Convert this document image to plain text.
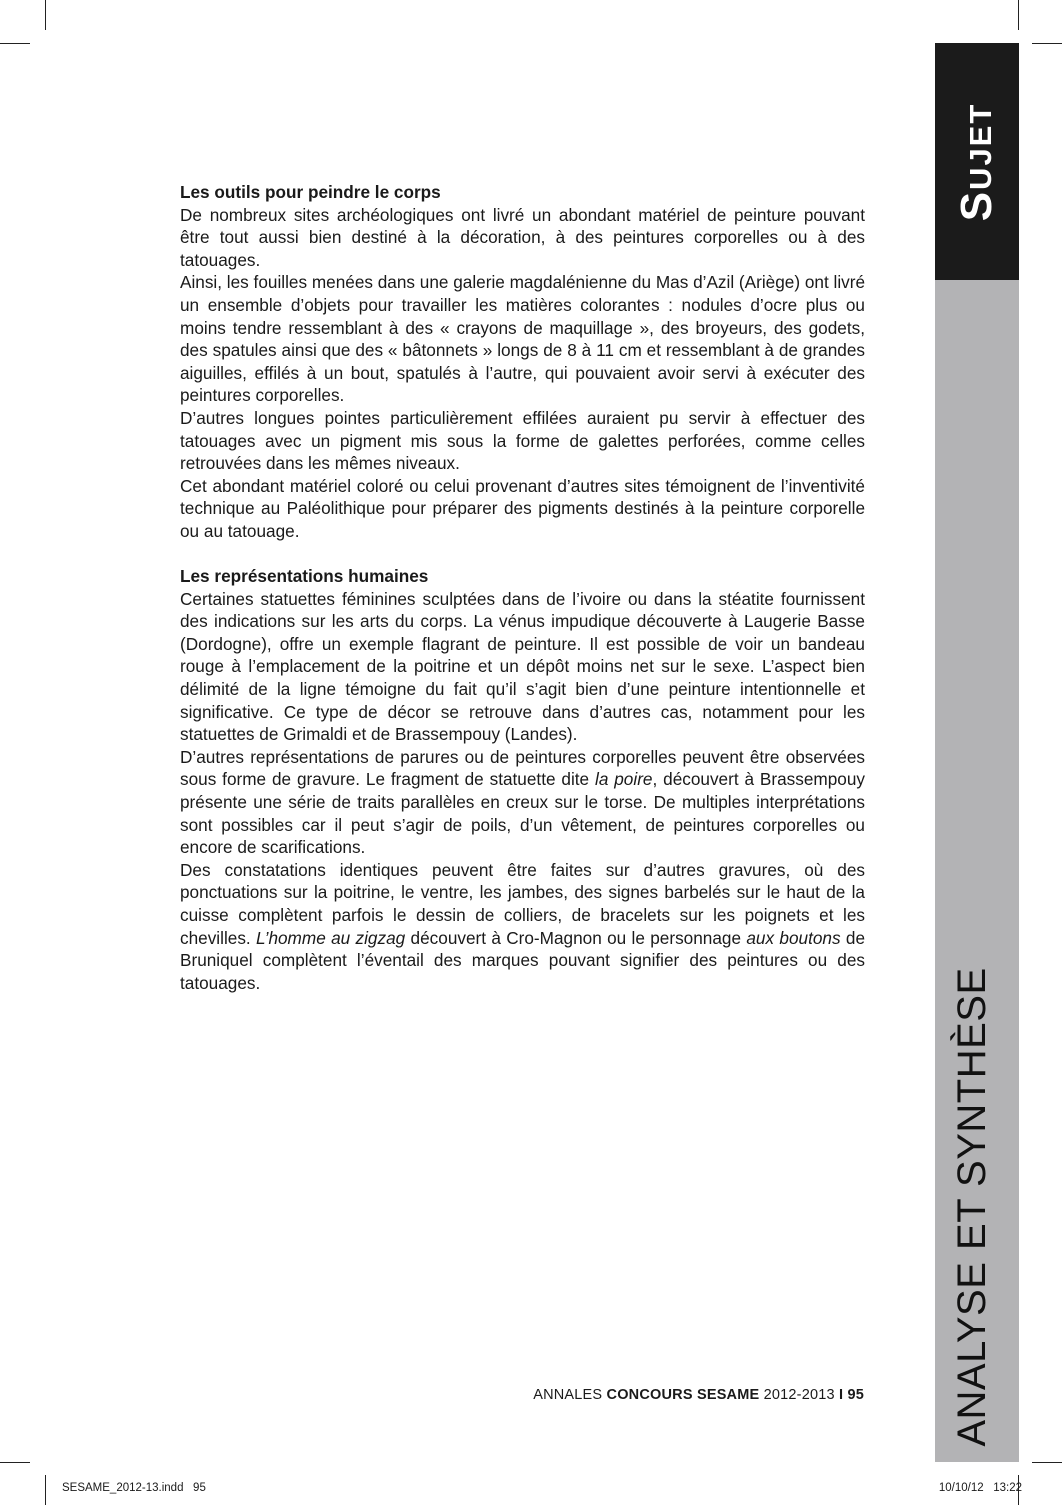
Sujet
ANALYSE ET SYNTHÈSE
Les outils pour peindre le corps

De nombreux sites archéologiques ont livré un abondant matériel de peinture pouvant être tout aussi bien destiné à la décoration, à des peintures corporelles ou à des tatouages.

Ainsi, les fouilles menées dans une galerie magdalénienne du Mas d’Azil (Ariège) ont livré un ensemble d’objets pour travailler les matières colorantes : nodules d’ocre plus ou moins tendre ressemblant à des « crayons de maquillage », des broyeurs, des godets, des spatules ainsi que des « bâtonnets » longs de 8 à 11 cm et ressemblant à de grandes aiguilles, effilés à un bout, spatulés à l’autre, qui pouvaient avoir servi à exécuter des peintures corporelles.

D’autres longues pointes particulièrement effilées auraient pu servir à effectuer des tatouages avec un pigment mis sous la forme de galettes perforées, comme celles retrouvées dans les mêmes niveaux.

Cet abondant matériel coloré ou celui provenant d’autres sites témoignent de l’inventivité technique au Paléolithique pour préparer des pigments destinés à la peinture corporelle ou au tatouage.

Les représentations humaines

Certaines statuettes féminines sculptées dans de l’ivoire ou dans la stéatite fournissent des indications sur les arts du corps. La vénus impudique découverte à Laugerie Basse (Dordogne), offre un exemple flagrant de peinture. Il est possible de voir un bandeau rouge à l’emplacement de la poitrine et un dépôt moins net sur le sexe. L’aspect bien délimité de la ligne témoigne du fait qu’il s’agit bien d’une peinture intentionnelle et significative. Ce type de décor se retrouve dans d’autres cas, notamment pour les statuettes de Grimaldi et de Brassempouy (Landes).

D’autres représentations de parures ou de peintures corporelles peuvent être observées sous forme de gravure. Le fragment de statuette dite la poire, découvert à Brassempouy présente une série de traits parallèles en creux sur le torse. De multiples interprétations sont possibles car il peut s’agir de poils, d’un vêtement, de peintures corporelles ou encore de scarifications.

Des constatations identiques peuvent être faites sur d’autres gravures, où des ponctuations sur la poitrine, le ventre, les jambes, des signes barbelés sur le haut de la cuisse complètent parfois le dessin de colliers, de bracelets sur les poignets et les chevilles. L’homme au zigzag découvert à Cro-Magnon ou le personnage aux boutons de Bruniquel complètent l’éventail des marques pouvant signifier des peintures ou des tatouages.

ANNALES CONCOURS SESAME 2012-2013 I 95
SESAME_2012-13.indd   95	10/10/12   13:22
